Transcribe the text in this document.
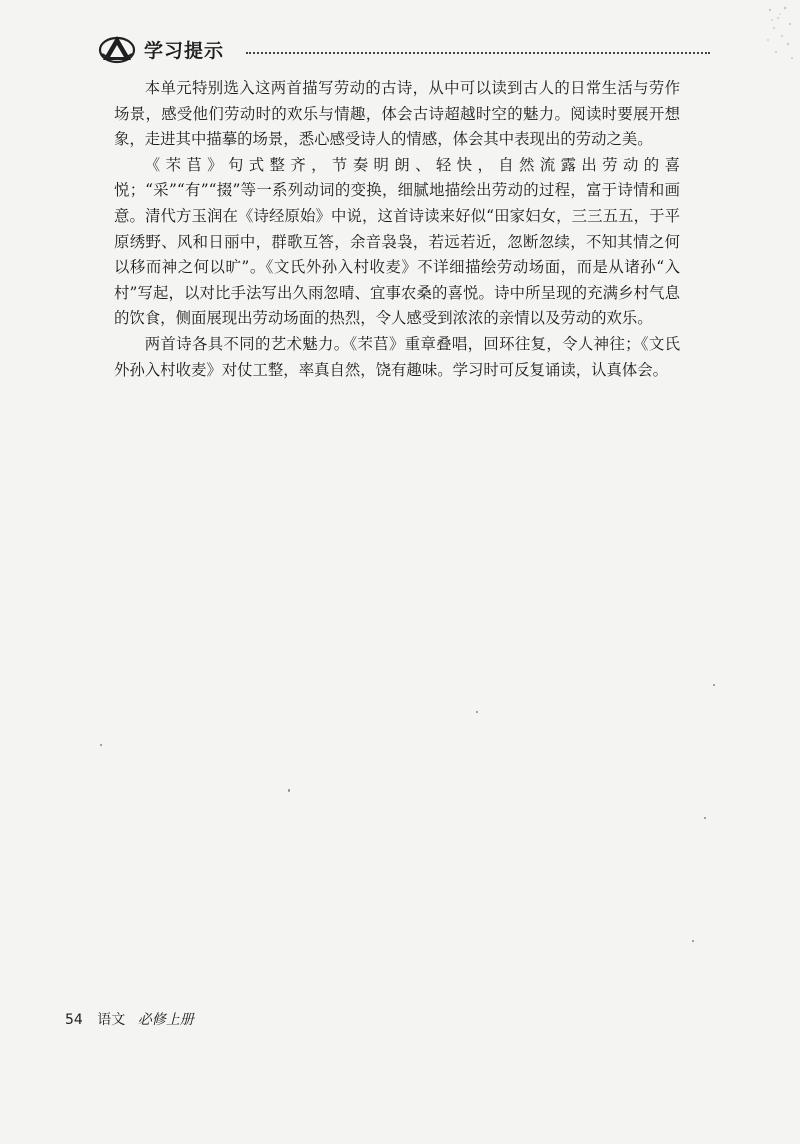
学习提示

本单元特别选入这两首描写劳动的古诗，从中可以读到古人的日常生活与劳作场景，感受他们劳动时的欢乐与情趣，体会古诗超越时空的魅力。阅读时要展开想象，走进其中描摹的场景，悉心感受诗人的情感，体会其中表现出的劳动之美。

《芣苢》句式整齐，节奏明朗、轻快，自然流露出劳动的喜悦；“采”“有”“掇”等一系列动词的变换，细腻地描绘出劳动的过程，富于诗情和画意。清代方玉润在《诗经原始》中说，这首诗读来好似“田家妇女，三三五五，于平原绣野、风和日丽中，群歌互答，余音袅袅，若远若近，忽断忽续，不知其情之何以移而神之何以旷”。《文氏外孙入村收麦》不详细描绘劳动场面，而是从诸孙“入村”写起，以对比手法写出久雨忽晴、宜事农桑的喜悦。诗中所呈现的充满乡村气息的饮食，侧面展现出劳动场面的热烈，令人感受到浓浓的亲情以及劳动的欢乐。

两首诗各具不同的艺术魅力。《芣苢》重章叠唱，回环往复，令人神往；《文氏外孙入村收麦》对仗工整，率真自然，饶有趣味。学习时可反复诵读，认真体会。

54 语文 必修上册
